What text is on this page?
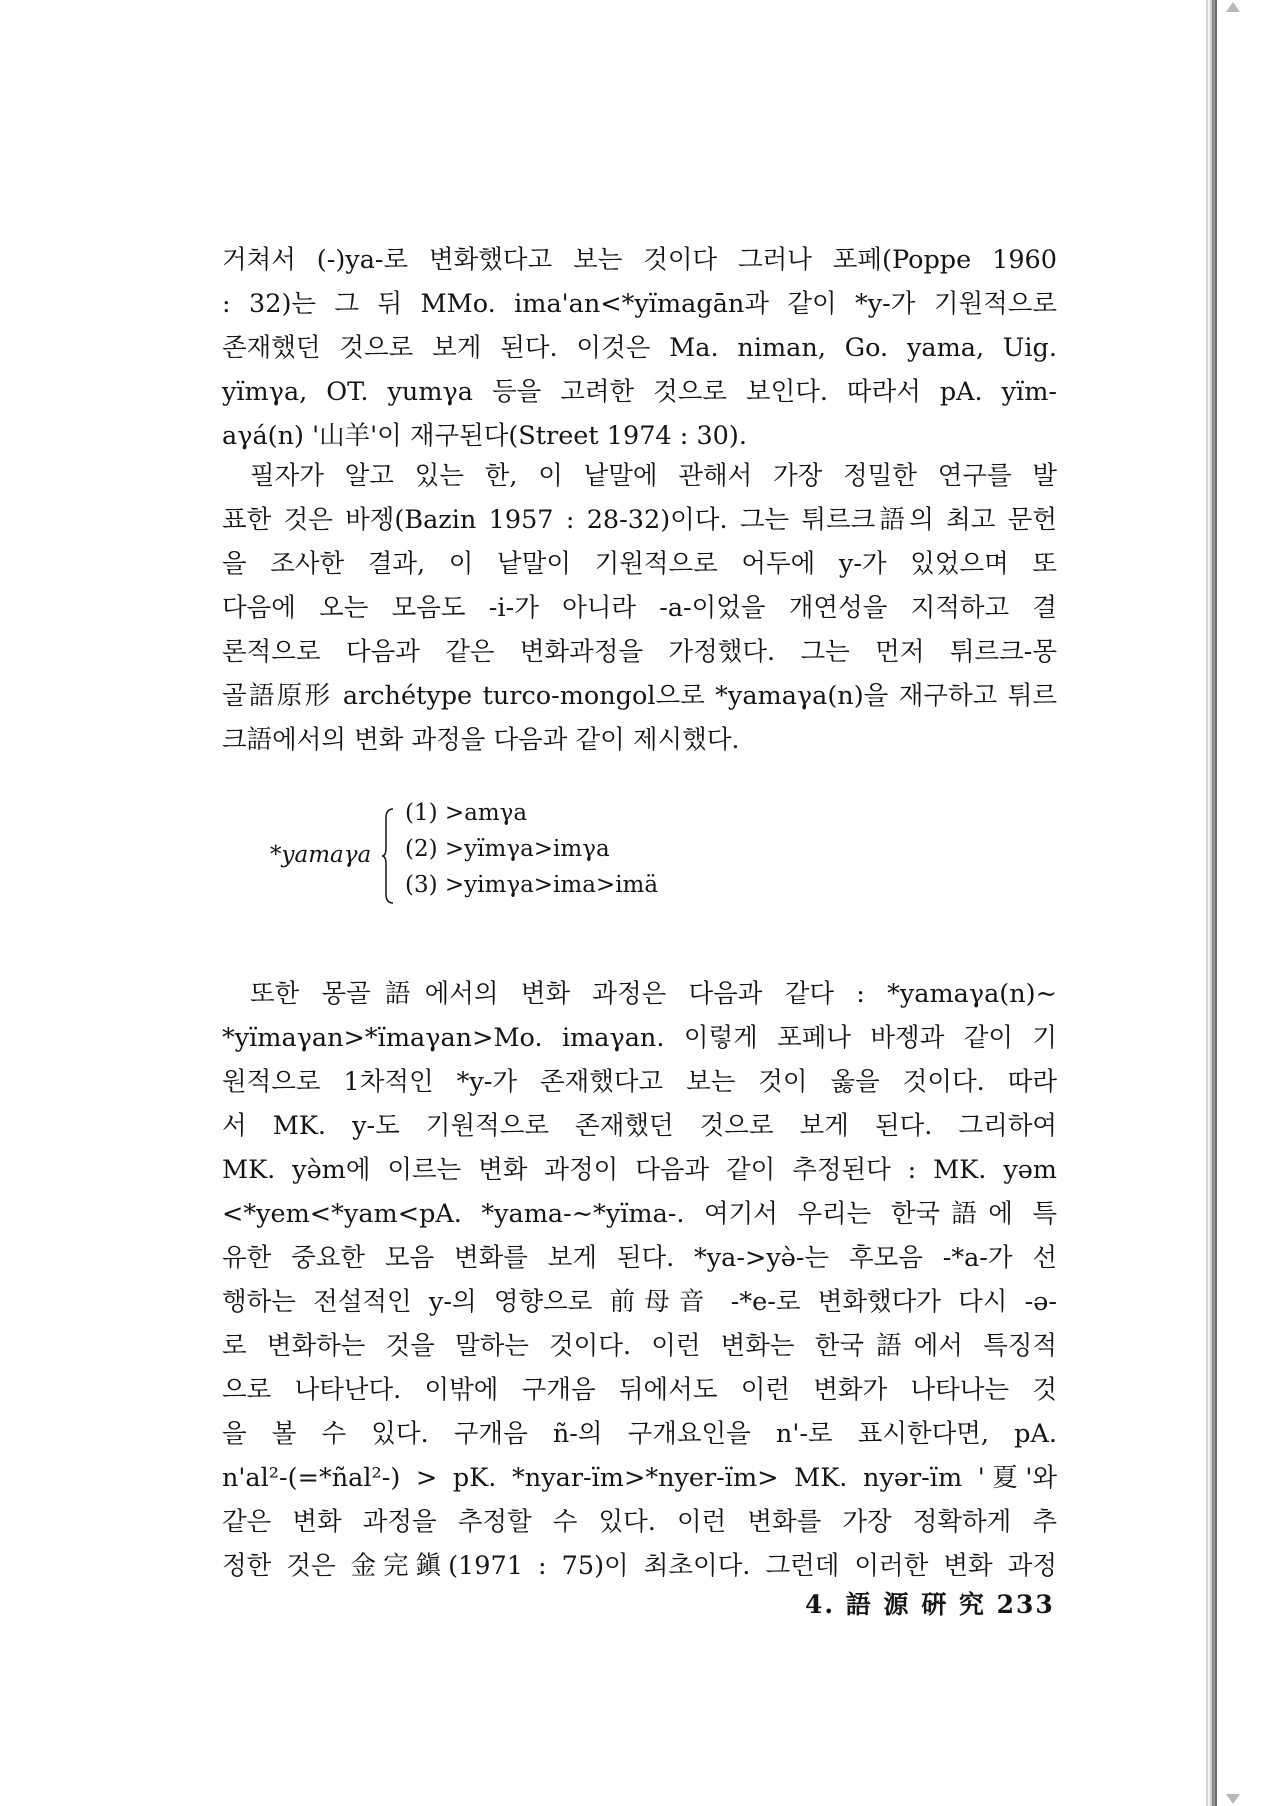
거쳐서 (-)ya-로 변화했다고 보는 것이다 그러나 포페(Poppe 1960
: 32)는 그 뒤 MMo. ima'an<*yïmagān과 같이 *y-가 기원적으로
존재했던 것으로 보게 된다. 이것은 Ma. niman, Go. yama, Uig.
yïmγa, OT. yumγa 등을 고려한 것으로 보인다. 따라서 pA. yïm-
aγá(n) '山羊'이 재구된다(Street 1974 : 30).
필자가 알고 있는 한, 이 낱말에 관해서 가장 정밀한 연구를 발
표한 것은 바젱(Bazin 1957 : 28-32)이다. 그는 튀르크語의 최고 문헌
을 조사한 결과, 이 낱말이 기원적으로 어두에 y-가 있었으며 또
다음에 오는 모음도 -i-가 아니라 -a-이었을 개연성을 지적하고 결
론적으로 다음과 같은 변화과정을 가정했다. 그는 먼저 튀르크-몽
골語原形 archétype turco-mongol으로 *yamaγa(n)을 재구하고 튀르
크語에서의 변화 과정을 다음과 같이 제시했다.
*yamaγa
(1) >amγa
(2) >yïmγa>imγa
(3) >yimγa>ima>imä
또한 몽골語에서의 변화 과정은 다음과 같다 : *yamaγa(n)∼
*yïmaγan>*ïmaγan>Mo. imaγan. 이렇게 포페나 바젱과 같이 기
원적으로 1차적인 *y-가 존재했다고 보는 것이 옳을 것이다. 따라
서 MK. y-도 기원적으로 존재했던 것으로 보게 된다. 그리하여
MK. yə̀m에 이르는 변화 과정이 다음과 같이 추정된다 : MK. yəm
<*yem<*yam<pA. *yama-∼*yïma-. 여기서 우리는 한국語에 특
유한 중요한 모음 변화를 보게 된다. *ya->yə̀-는 후모음 -*a-가 선
행하는 전설적인 y-의 영향으로 前母音 -*e-로 변화했다가 다시 -ə-
로 변화하는 것을 말하는 것이다. 이런 변화는 한국語에서 특징적
으로 나타난다. 이밖에 구개음 뒤에서도 이런 변화가 나타나는 것
을 볼 수 있다. 구개음 ñ-의 구개요인을 n'-로 표시한다면, pA.
n'al²-(=*ñal²-) > pK. *nyar-ïm>*nyer-ïm> MK. nyər-ïm '夏'와
같은 변화 과정을 추정할 수 있다. 이런 변화를 가장 정확하게 추
정한 것은 金完鎭(1971 : 75)이 최초이다. 그런데 이러한 변화 과정
4. 語 源 硏 究 233
